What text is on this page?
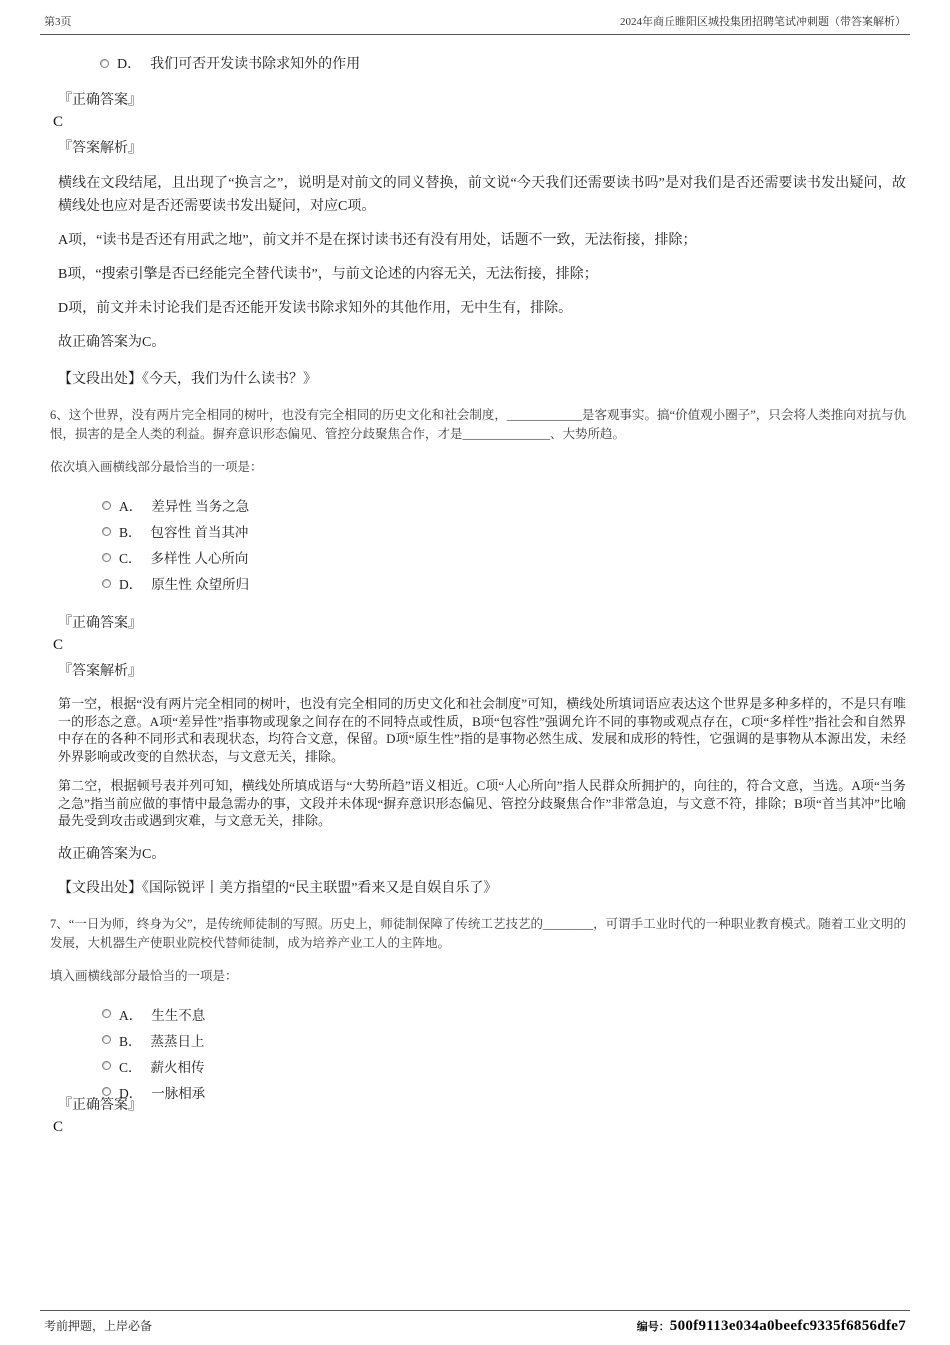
第3页	2024年商丘睢阳区城投集团招聘笔试冲刺题（带答案解析）
D． 我们可否开发读书除求知外的作用
『正确答案』
C
『答案解析』

横线在文段结尾，且出现了“换言之”，说明是对前文的同义替换，前文说“今天我们还需要读书吗”是对我们是否还需要读书发出疑问，故横线处也应对是否还需要读书发出疑问，对应C项。

A项，“读书是否还有用武之地”，前文并不是在探讨读书还有没有用处，话题不一致，无法衔接，排除；

B项，“搜索引擎是否已经能完全替代读书”，与前文论述的内容无关，无法衔接，排除；

D项，前文并未讨论我们是否还能开发读书除求知外的其他作用，无中生有，排除。

故正确答案为C。

【文段出处】《今天，我们为什么读书？》

6、这个世界，没有两片完全相同的树叶，也没有完全相同的历史文化和社会制度，____________是客观事实。搞“价值观小圈子”，只会将人类推向对抗与仇恨，损害的是全人类的利益。摒弃意识形态偏见、管控分歧聚焦合作，才是______________、大势所趋。

依次填入画横线部分最恰当的一项是：

A． 差异性 当务之急
B． 包容性 首当其冲
C． 多样性 人心所向
D． 原生性 众望所归
『正确答案』
C
『答案解析』

第一空，根据“没有两片完全相同的树叶，也没有完全相同的历史文化和社会制度”可知，横线处所填词语应表达这个世界是多种多样的，不是只有唯一的形态之意。A项“差异性”指事物或现象之间存在的不同特点或性质，B项“包容性”强调允许不同的事物或观点存在，C项“多样性”指社会和自然界中存在的各种不同形式和表现状态，均符合文意，保留。D项“原生性”指的是事物必然生成、发展和成形的特性，它强调的是事物从本源出发，未经外界影响或改变的自然状态，与文意无关，排除。

第二空，根据顿号表并列可知，横线处所填成语与“大势所趋”语义相近。C项“人心所向”指人民群众所拥护的，向往的，符合文意，当选。A项“当务之急”指当前应做的事情中最急需办的事，文段并未体现“摒弃意识形态偏见、管控分歧聚焦合作”非常急迫，与文意不符，排除；B项“首当其冲”比喻最先受到攻击或遇到灾难，与文意无关，排除。

故正确答案为C。

【文段出处】《国际锐评丨美方指望的“民主联盟”看来又是自娱自乐了》

7、“一日为师，终身为父”，是传统师徒制的写照。历史上，师徒制保障了传统工艺技艺的________，可谓手工业时代的一种职业教育模式。随着工业文明的发展，大机器生产使职业院校代替师徒制，成为培养产业工人的主阵地。

填入画横线部分最恰当的一项是：

A． 生生不息
B． 蒸蒸日上
C． 薪火相传
D． 一脉相承
『正确答案』
C
考前押题，上岸必备	编号： 500f9113e034a0beefc9335f6856dfe7
